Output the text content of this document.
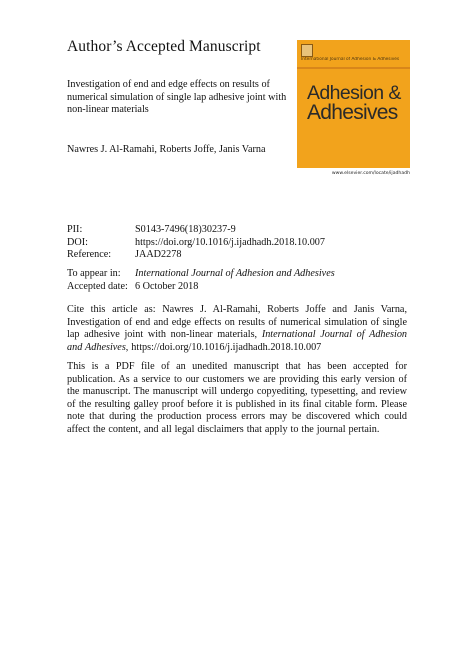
Author’s Accepted Manuscript
Investigation of end and edge effects on results of numerical simulation of single lap adhesive joint with non-linear materials
Nawres J. Al-Ramahi, Roberts Joffe, Janis Varna
International Journal of Adhesion & Adhesives
Adhesion &
Adhesives
www.elsevier.com/locate/ijadhadh
PII:	S0143-7496(18)30237-9
DOI:	https://doi.org/10.1016/j.ijadhadh.2018.10.007
Reference: JAAD2278
To appear in: International Journal of Adhesion and Adhesives
Accepted date: 6 October 2018
Cite this article as: Nawres J. Al-Ramahi, Roberts Joffe and Janis Varna, Investigation of end and edge effects on results of numerical simulation of single lap adhesive joint with non-linear materials, International Journal of Adhesion and Adhesives, https://doi.org/10.1016/j.ijadhadh.2018.10.007
This is a PDF file of an unedited manuscript that has been accepted for publication. As a service to our customers we are providing this early version of the manuscript. The manuscript will undergo copyediting, typesetting, and review of the resulting galley proof before it is published in its final citable form. Please note that during the production process errors may be discovered which could affect the content, and all legal disclaimers that apply to the journal pertain.
